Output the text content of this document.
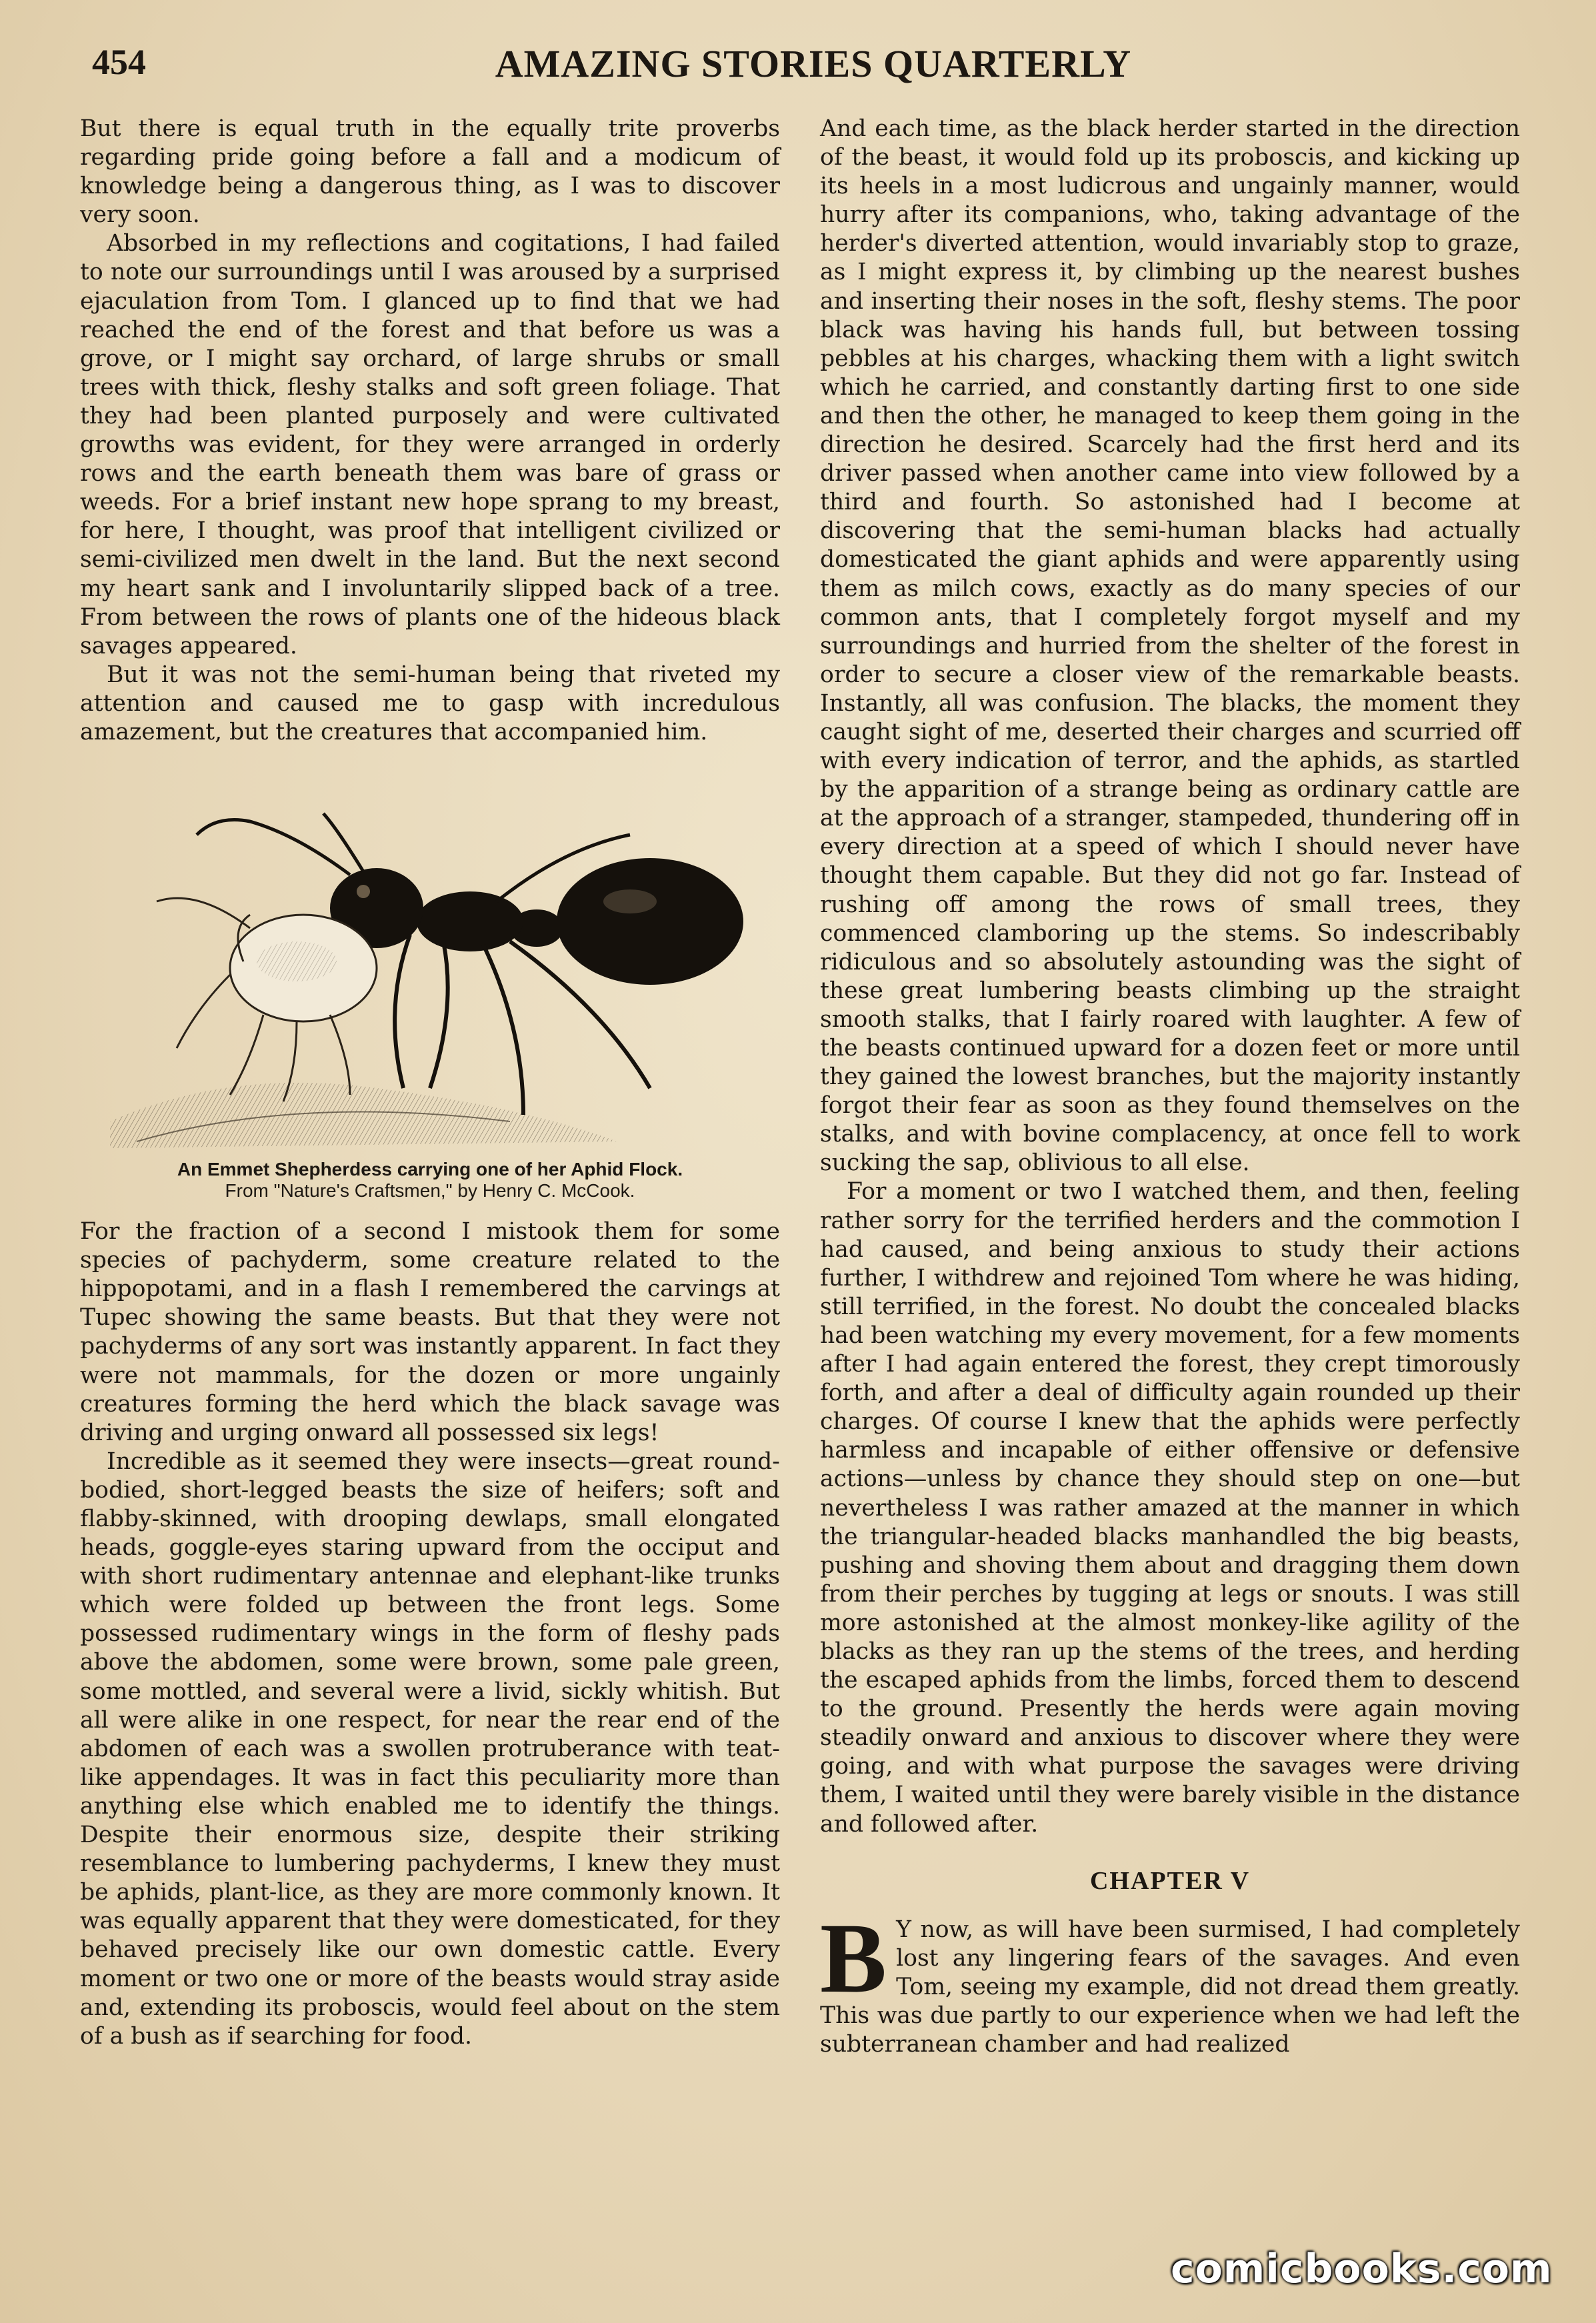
454	AMAZING STORIES QUARTERLY

But there is equal truth in the equally trite proverbs regarding pride going before a fall and a modicum of knowledge being a dangerous thing, as I was to discover very soon.

Absorbed in my reflections and cogitations, I had failed to note our surroundings until I was aroused by a surprised ejaculation from Tom. I glanced up to find that we had reached the end of the forest and that before us was a grove, or I might say orchard, of large shrubs or small trees with thick, fleshy stalks and soft green foliage. That they had been planted purposely and were cultivated growths was evident, for they were arranged in orderly rows and the earth beneath them was bare of grass or weeds. For a brief instant new hope sprang to my breast, for here, I thought, was proof that intelligent civilized or semi-civilized men dwelt in the land. But the next second my heart sank and I involuntarily slipped back of a tree. From between the rows of plants one of the hideous black savages appeared.

But it was not the semi-human being that riveted my attention and caused me to gasp with incredulous amazement, but the creatures that accompanied him.

An Emmet Shepherdess carrying one of her Aphid Flock.
From "Nature's Craftsmen," by Henry C. McCook.

For the fraction of a second I mistook them for some species of pachyderm, some creature related to the hippopotami, and in a flash I remembered the carvings at Tupec showing the same beasts. But that they were not pachyderms of any sort was instantly apparent. In fact they were not mammals, for the dozen or more ungainly creatures forming the herd which the black savage was driving and urging onward all possessed six legs!

Incredible as it seemed they were insects—great round-bodied, short-legged beasts the size of heifers; soft and flabby-skinned, with drooping dewlaps, small elongated heads, goggle-eyes staring upward from the occiput and with short rudimentary antennae and elephant-like trunks which were folded up between the front legs. Some possessed rudimentary wings in the form of fleshy pads above the abdomen, some were brown, some pale green, some mottled, and several were a livid, sickly whitish. But all were alike in one respect, for near the rear end of the abdomen of each was a swollen protruberance with teat-like appendages. It was in fact this peculiarity more than anything else which enabled me to identify the things. Despite their enormous size, despite their striking resemblance to lumbering pachyderms, I knew they must be aphids, plant-lice, as they are more commonly known. It was equally apparent that they were domesticated, for they behaved precisely like our own domestic cattle. Every moment or two one or more of the beasts would stray aside and, extending its proboscis, would feel about on the stem of a bush as if searching for food.

And each time, as the black herder started in the direction of the beast, it would fold up its proboscis, and kicking up its heels in a most ludicrous and ungainly manner, would hurry after its companions, who, taking advantage of the herder's diverted attention, would invariably stop to graze, as I might express it, by climbing up the nearest bushes and inserting their noses in the soft, fleshy stems. The poor black was having his hands full, but between tossing pebbles at his charges, whacking them with a light switch which he carried, and constantly darting first to one side and then the other, he managed to keep them going in the direction he desired. Scarcely had the first herd and its driver passed when another came into view followed by a third and fourth. So astonished had I become at discovering that the semi-human blacks had actually domesticated the giant aphids and were apparently using them as milch cows, exactly as do many species of our common ants, that I completely forgot myself and my surroundings and hurried from the shelter of the forest in order to secure a closer view of the remarkable beasts. Instantly, all was confusion. The blacks, the moment they caught sight of me, deserted their charges and scurried off with every indication of terror, and the aphids, as startled by the apparition of a strange being as ordinary cattle are at the approach of a stranger, stampeded, thundering off in every direction at a speed of which I should never have thought them capable. But they did not go far. Instead of rushing off among the rows of small trees, they commenced clamboring up the stems. So indescribably ridiculous and so absolutely astounding was the sight of these great lumbering beasts climbing up the straight smooth stalks, that I fairly roared with laughter. A few of the beasts continued upward for a dozen feet or more until they gained the lowest branches, but the majority instantly forgot their fear as soon as they found themselves on the stalks, and with bovine complacency, at once fell to work sucking the sap, oblivious to all else.

For a moment or two I watched them, and then, feeling rather sorry for the terrified herders and the commotion I had caused, and being anxious to study their actions further, I withdrew and rejoined Tom where he was hiding, still terrified, in the forest. No doubt the concealed blacks had been watching my every movement, for a few moments after I had again entered the forest, they crept timorously forth, and after a deal of difficulty again rounded up their charges. Of course I knew that the aphids were perfectly harmless and incapable of either offensive or defensive actions—unless by chance they should step on one—but nevertheless I was rather amazed at the manner in which the triangular-headed blacks manhandled the big beasts, pushing and shoving them about and dragging them down from their perches by tugging at legs or snouts. I was still more astonished at the almost monkey-like agility of the blacks as they ran up the stems of the trees, and herding the escaped aphids from the limbs, forced them to descend to the ground. Presently the herds were again moving steadily onward and anxious to discover where they were going, and with what purpose the savages were driving them, I waited until they were barely visible in the distance and followed after.

CHAPTER V

B Y now, as will have been surmised, I had completely lost any lingering fears of the savages. And even Tom, seeing my example, did not dread them greatly. This was due partly to our experience when we had left the subterranean chamber and had realized

comicbooks.com
